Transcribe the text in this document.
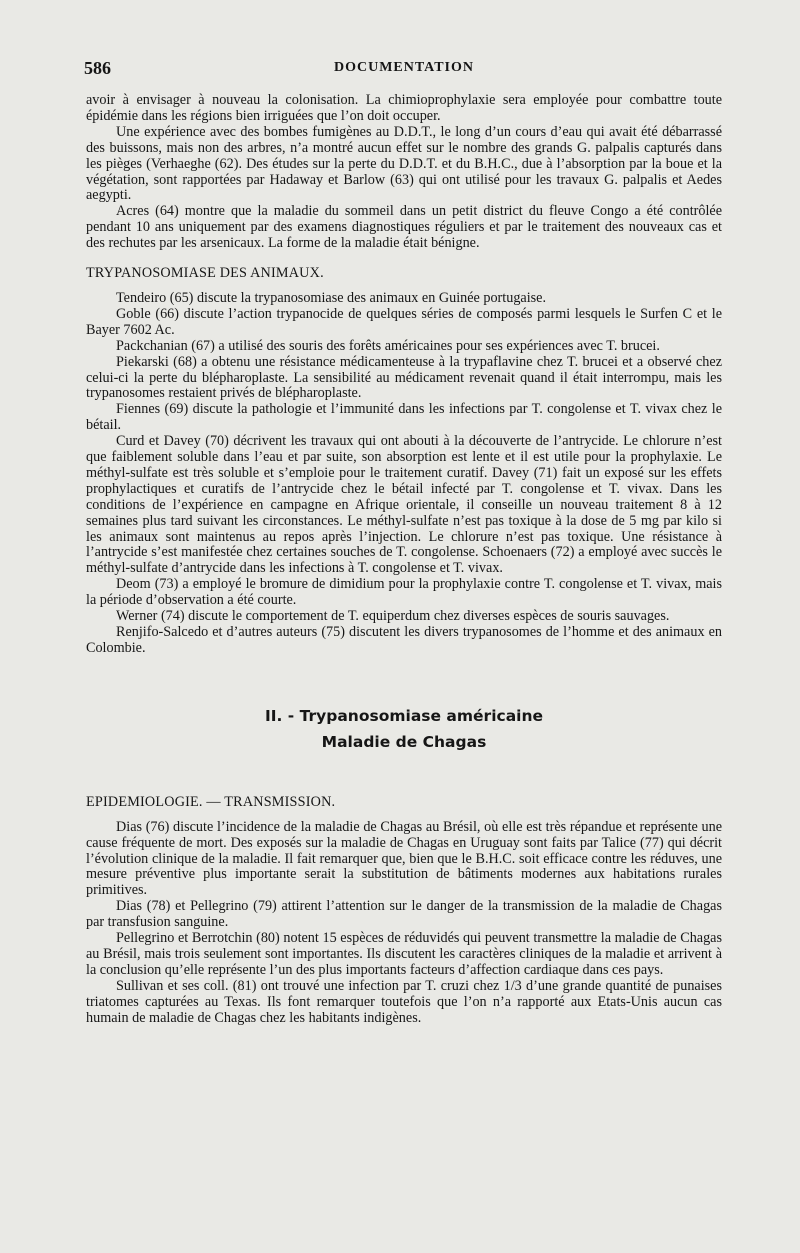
586	DOCUMENTATION

avoir à envisager à nouveau la colonisation. La chimioprophylaxie sera employée pour combattre toute épidémie dans les régions bien irriguées que l’on doit occuper.

Une expérience avec des bombes fumigènes au D.D.T., le long d’un cours d’eau qui avait été débarrassé des buissons, mais non des arbres, n’a montré aucun effet sur le nombre des grands G. palpalis capturés dans les pièges (Verhaeghe (62). Des études sur la perte du D.D.T. et du B.H.C., due à l’absorption par la boue et la végétation, sont rapportées par Hadaway et Barlow (63) qui ont utilisé pour les travaux G. palpalis et Aedes aegypti.

Acres (64) montre que la maladie du sommeil dans un petit district du fleuve Congo a été contrôlée pendant 10 ans uniquement par des examens diagnostiques réguliers et par le traitement des nouveaux cas et des rechutes par les arsenicaux. La forme de la maladie était bénigne.

TRYPANOSOMIASE DES ANIMAUX.

Tendeiro (65) discute la trypanosomiase des animaux en Guinée portugaise.

Goble (66) discute l’action trypanocide de quelques séries de composés parmi lesquels le Surfen C et le Bayer 7602 Ac.

Packchanian (67) a utilisé des souris des forêts américaines pour ses expériences avec T. brucei.

Piekarski (68) a obtenu une résistance médicamenteuse à la trypaflavine chez T. brucei et a observé chez celui-ci la perte du blépharoplaste. La sensibilité au médicament revenait quand il était interrompu, mais les trypanosomes restaient privés de blépharoplaste.

Fiennes (69) discute la pathologie et l’immunité dans les infections par T. congolense et T. vivax chez le bétail.

Curd et Davey (70) décrivent les travaux qui ont abouti à la découverte de l’antrycide. Le chlorure n’est que faiblement soluble dans l’eau et par suite, son absorption est lente et il est utile pour la prophylaxie. Le méthyl-sulfate est très soluble et s’emploie pour le traitement curatif. Davey (71) fait un exposé sur les effets prophylactiques et curatifs de l’antrycide chez le bétail infecté par T. congolense et T. vivax. Dans les conditions de l’expérience en campagne en Afrique orientale, il conseille un nouveau traitement 8 à 12 semaines plus tard suivant les circonstances. Le méthyl-sulfate n’est pas toxique à la dose de 5 mg par kilo si les animaux sont maintenus au repos après l’injection. Le chlorure n’est pas toxique. Une résistance à l’antrycide s’est manifestée chez certaines souches de T. congolense. Schoenaers (72) a employé avec succès le méthyl-sulfate d’antrycide dans les infections à T. congolense et T. vivax.

Deom (73) a employé le bromure de dimidium pour la prophylaxie contre T. congolense et T. vivax, mais la période d’observation a été courte.

Werner (74) discute le comportement de T. equiperdum chez diverses espèces de souris sauvages.

Renjifo-Salcedo et d’autres auteurs (75) discutent les divers trypanosomes de l’homme et des animaux en Colombie.

II. - Trypanosomiase américaine
Maladie de Chagas
EPIDEMIOLOGIE. — TRANSMISSION.

Dias (76) discute l’incidence de la maladie de Chagas au Brésil, où elle est très répandue et représente une cause fréquente de mort. Des exposés sur la maladie de Chagas en Uruguay sont faits par Talice (77) qui décrit l’évolution clinique de la maladie. Il fait remarquer que, bien que le B.H.C. soit efficace contre les réduves, une mesure préventive plus importante serait la substitution de bâtiments modernes aux habitations rurales primitives.

Dias (78) et Pellegrino (79) attirent l’attention sur le danger de la transmission de la maladie de Chagas par transfusion sanguine.

Pellegrino et Berrotchin (80) notent 15 espèces de réduvidés qui peuvent transmettre la maladie de Chagas au Brésil, mais trois seulement sont importantes. Ils discutent les caractères cliniques de la maladie et arrivent à la conclusion qu’elle représente l’un des plus importants facteurs d’affection cardiaque dans ces pays.

Sullivan et ses coll. (81) ont trouvé une infection par T. cruzi chez 1/3 d’une grande quantité de punaises triatomes capturées au Texas. Ils font remarquer toutefois que l’on n’a rapporté aux Etats-Unis aucun cas humain de maladie de Chagas chez les habitants indigènes.
